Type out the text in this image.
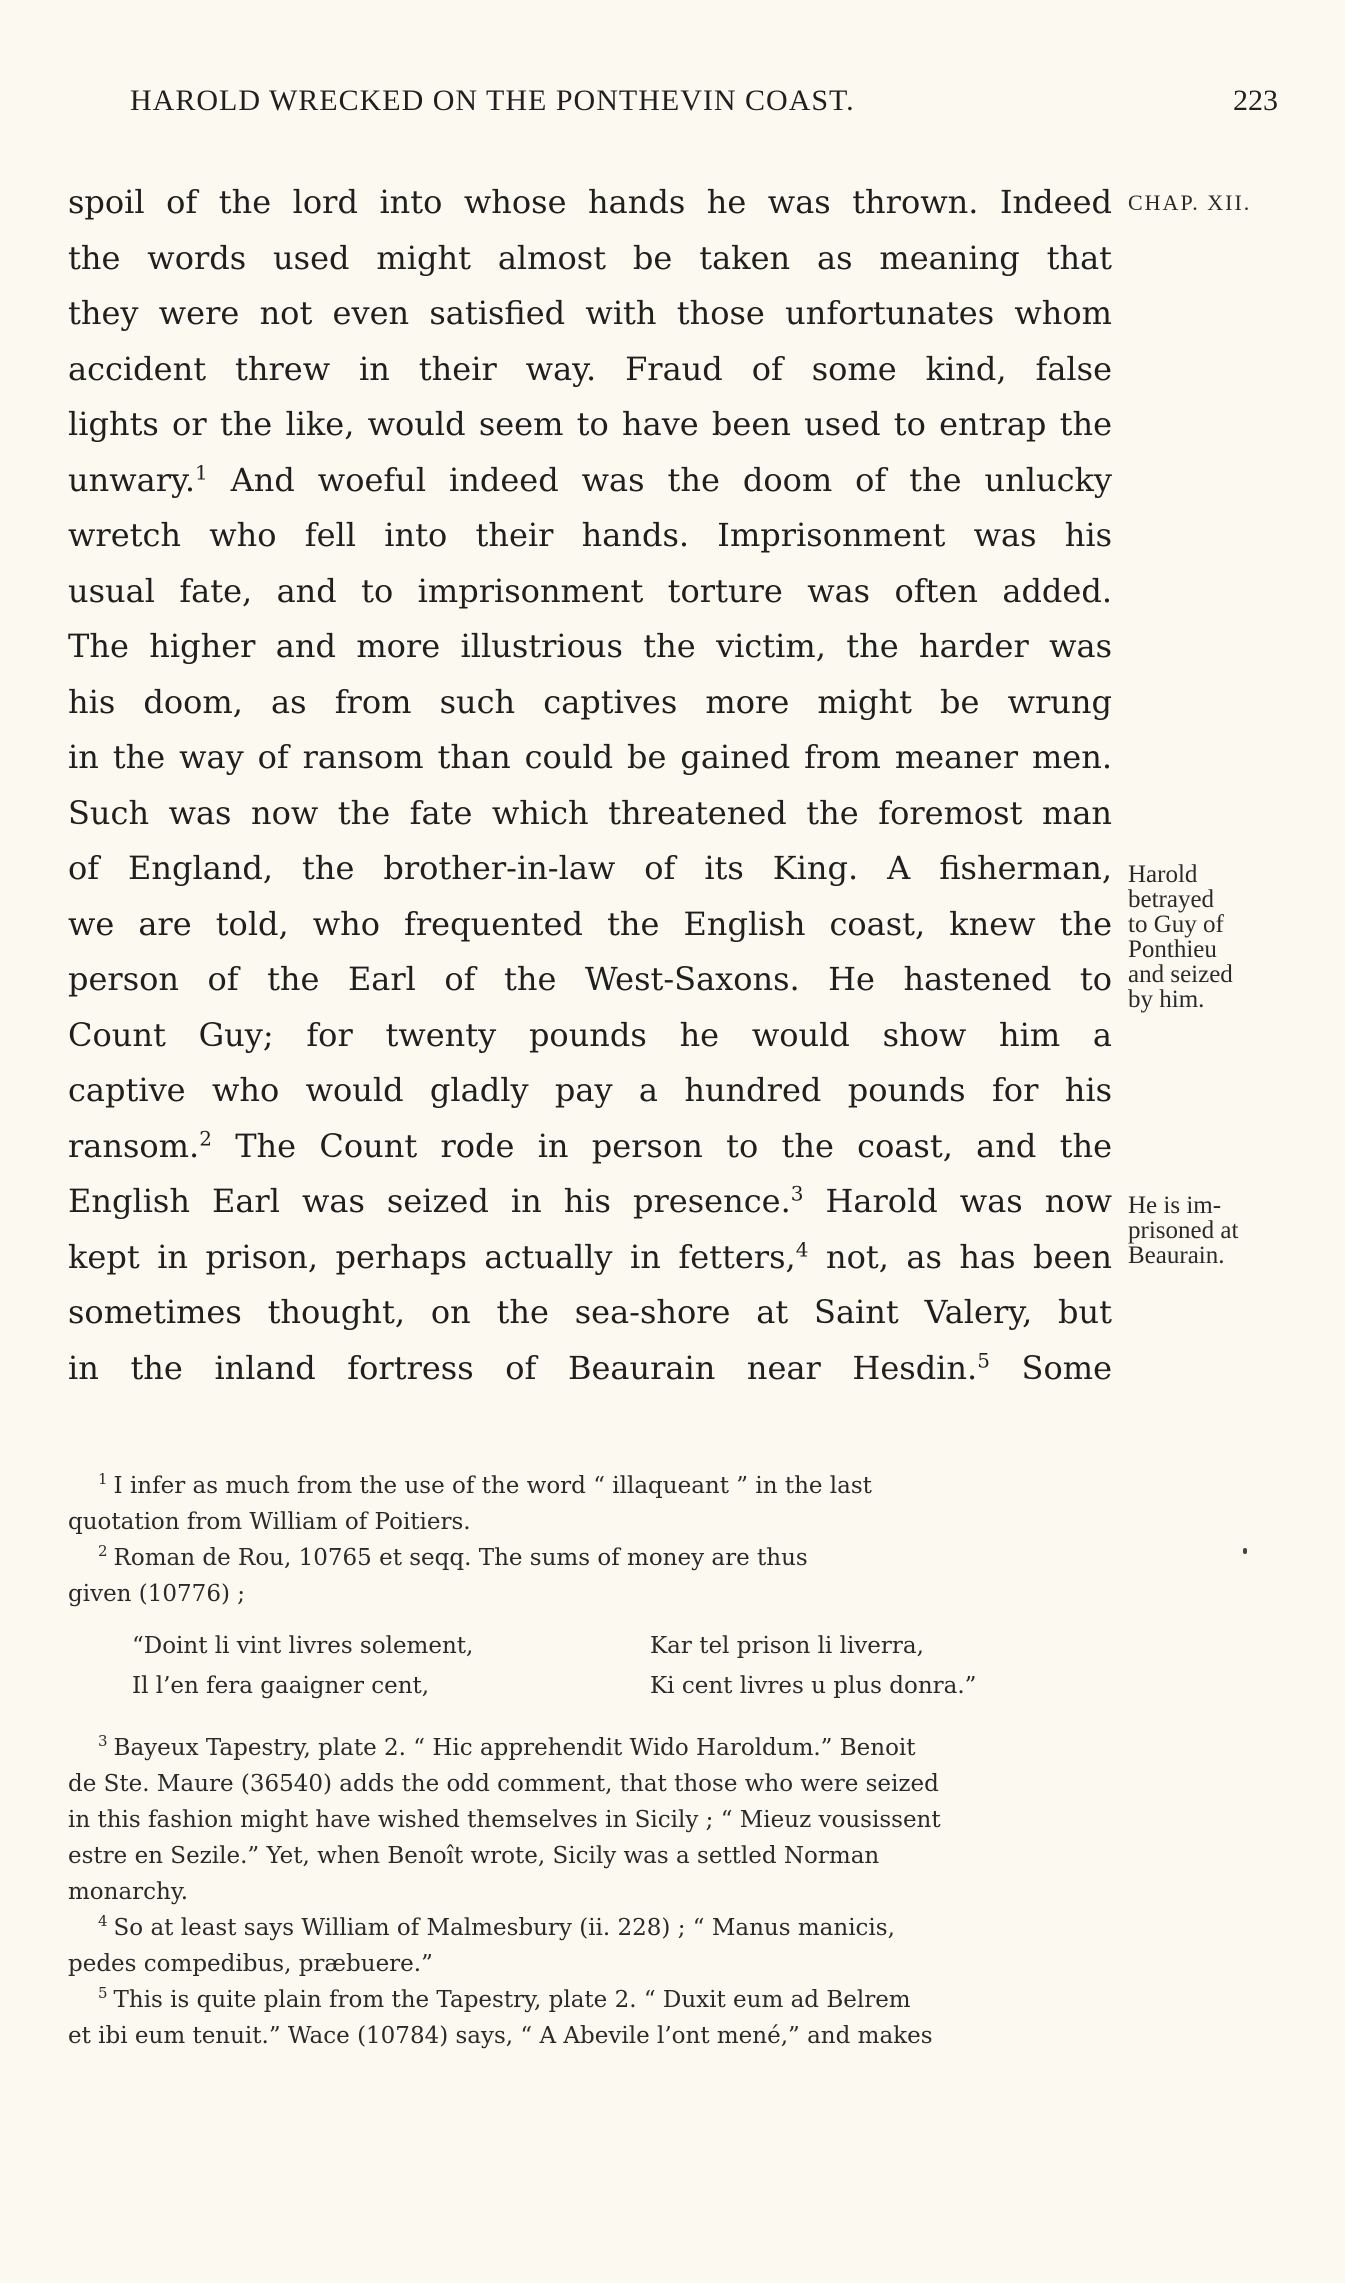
HAROLD WRECKED ON THE PONTHEVIN COAST.	223
spoil of the lord into whose hands he was thrown. Indeed
the words used might almost be taken as meaning that
they were not even satisfied with those unfortunates whom
accident threw in their way. Fraud of some kind, false
lights or the like, would seem to have been used to entrap the
unwary.$^1$ And woeful indeed was the doom of the unlucky
wretch who fell into their hands. Imprisonment was his
usual fate, and to imprisonment torture was often added.
The higher and more illustrious the victim, the harder was
his doom, as from such captives more might be wrung
in the way of ransom than could be gained from meaner men.
Such was now the fate which threatened the foremost man
of England, the brother-in-law of its King. A fisherman,
we are told, who frequented the English coast, knew the
person of the Earl of the West-Saxons. He hastened to
Count Guy; for twenty pounds he would show him a
captive who would gladly pay a hundred pounds for his
ransom.$^2$ The Count rode in person to the coast, and the
English Earl was seized in his presence.$^3$ Harold was now
kept in prison, perhaps actually in fetters,$^4$ not, as has been
sometimes thought, on the sea-shore at Saint Valery, but
in the inland fortress of Beaurain near Hesdin.$^5$ Some
CHAP. XII.
Harold
betrayed
to Guy of
Ponthieu
and seized
by him.
He is im-
prisoned at
Beaurain.
$^1$ I infer as much from the use of the word “ illaqueant ” in the last
quotation from William of Poitiers.
$^2$ Roman de Rou, 10765 et seqq. The sums of money are thus
given (10776) ;
“Doint li vint livres solement,
Il l’en fera gaaigner cent,
Kar tel prison li liverra,
Ki cent livres u plus donra.”
$^3$ Bayeux Tapestry, plate 2. “ Hic apprehendit Wido Haroldum.” Benoit
de Ste. Maure (36540) adds the odd comment, that those who were seized
in this fashion might have wished themselves in Sicily ; “ Mieuz vousissent
estre en Sezile.” Yet, when Benoît wrote, Sicily was a settled Norman
monarchy.
$^4$ So at least says William of Malmesbury (ii. 228) ; “ Manus manicis,
pedes compedibus, præbuere.”
$^5$ This is quite plain from the Tapestry, plate 2. “ Duxit eum ad Belrem
et ibi eum tenuit.” Wace (10784) says, “ A Abevile l’ont mené,” and makes
